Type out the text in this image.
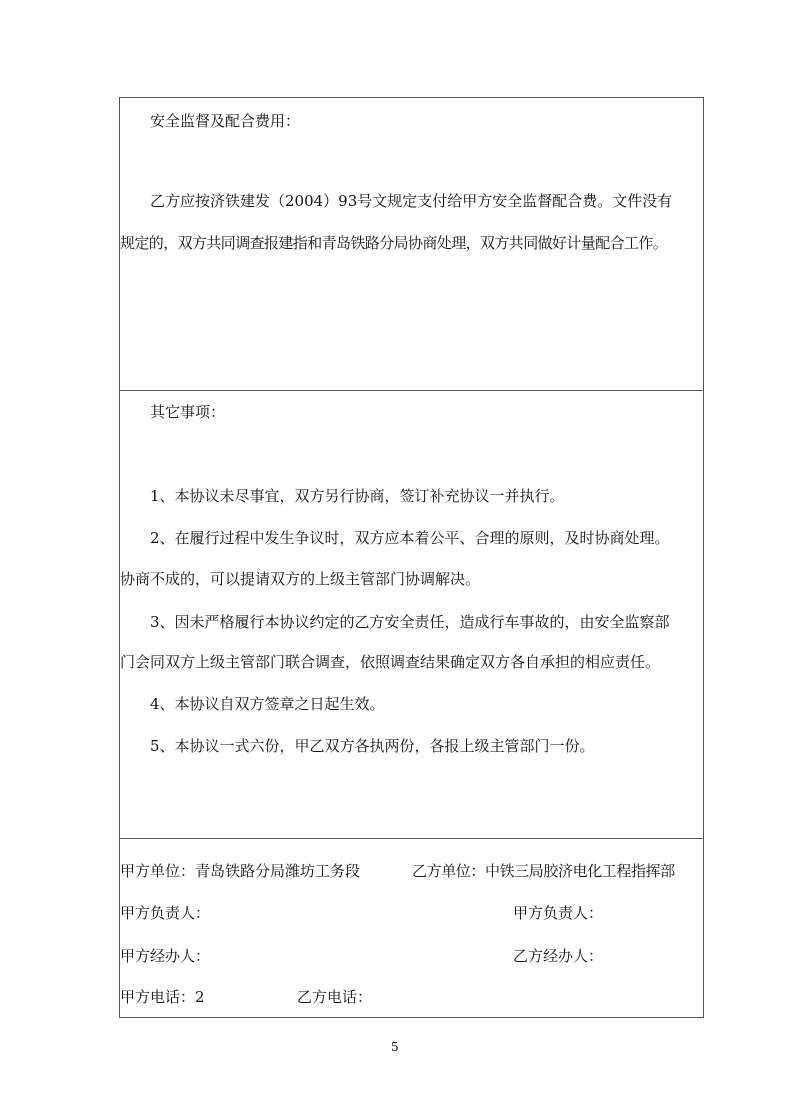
安全监督及配合费用：
乙方应按济铁建发（2004）93号文规定支付给甲方安全监督配合费。文件没有
规定的，双方共同调查报建指和青岛铁路分局协商处理，双方共同做好计量配合工作。
其它事项：
1、本协议未尽事宜，双方另行协商，签订补充协议一并执行。
2、在履行过程中发生争议时，双方应本着公平、合理的原则，及时协商处理。
协商不成的，可以提请双方的上级主管部门协调解决。
3、因未严格履行本协议约定的乙方安全责任，造成行车事故的，由安全监察部
门会同双方上级主管部门联合调查，依照调查结果确定双方各自承担的相应责任。
4、本协议自双方签章之日起生效。
5、本协议一式六份，甲乙双方各执两份，各报上级主管部门一份。
甲方单位：青岛铁路分局潍坊工务段	乙方单位：中铁三局胶济电化工程指挥部
甲方负责人：	甲方负责人：
甲方经办人：	乙方经办人：
甲方电话：2	乙方电话：
5
